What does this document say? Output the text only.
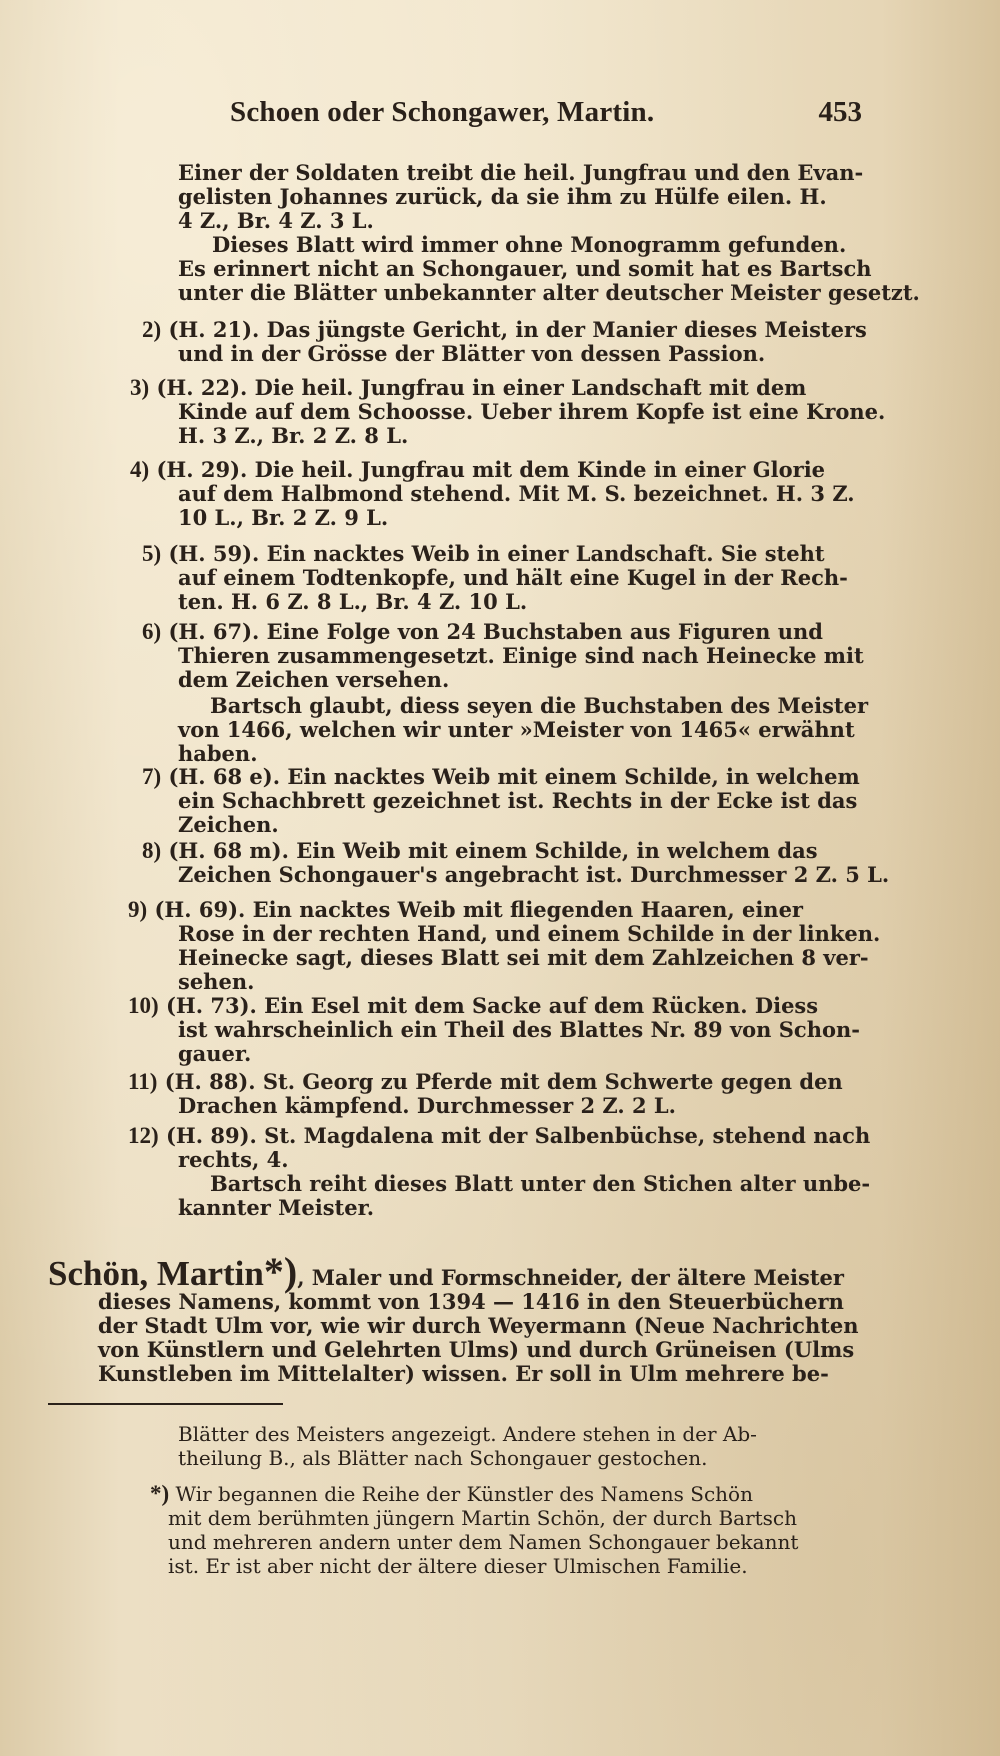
Schoen oder Schongawer, Martin.	453
Einer der Soldaten treibt die heil. Jungfrau und den Evan-
gelisten Johannes zurück, da sie ihm zu Hülfe eilen. H.
4 Z., Br. 4 Z. 3 L.
Dieses Blatt wird immer ohne Monogramm gefunden.
Es erinnert nicht an Schongauer, und somit hat es Bartsch
unter die Blätter unbekannter alter deutscher Meister gesetzt.
2) (H. 21). Das jüngste Gericht, in der Manier dieses Meisters
und in der Grösse der Blätter von dessen Passion.
3) (H. 22). Die heil. Jungfrau in einer Landschaft mit dem
Kinde auf dem Schoosse. Ueber ihrem Kopfe ist eine Krone.
H. 3 Z., Br. 2 Z. 8 L.
4) (H. 29). Die heil. Jungfrau mit dem Kinde in einer Glorie
auf dem Halbmond stehend. Mit M. S. bezeichnet. H. 3 Z.
10 L., Br. 2 Z. 9 L.
5) (H. 59). Ein nacktes Weib in einer Landschaft. Sie steht
auf einem Todtenkopfe, und hält eine Kugel in der Rech-
ten. H. 6 Z. 8 L., Br. 4 Z. 10 L.
6) (H. 67). Eine Folge von 24 Buchstaben aus Figuren und
Thieren zusammengesetzt. Einige sind nach Heinecke mit
dem Zeichen versehen.
Bartsch glaubt, diess seyen die Buchstaben des Meister
von 1466, welchen wir unter »Meister von 1465« erwähnt
haben.
7) (H. 68 e). Ein nacktes Weib mit einem Schilde, in welchem
ein Schachbrett gezeichnet ist. Rechts in der Ecke ist das
Zeichen.
8) (H. 68 m). Ein Weib mit einem Schilde, in welchem das
Zeichen Schongauer's angebracht ist. Durchmesser 2 Z. 5 L.
9) (H. 69). Ein nacktes Weib mit fliegenden Haaren, einer
Rose in der rechten Hand, und einem Schilde in der linken.
Heinecke sagt, dieses Blatt sei mit dem Zahlzeichen 8 ver-
sehen.
10) (H. 73). Ein Esel mit dem Sacke auf dem Rücken. Diess
ist wahrscheinlich ein Theil des Blattes Nr. 89 von Schon-
gauer.
11) (H. 88). St. Georg zu Pferde mit dem Schwerte gegen den
Drachen kämpfend. Durchmesser 2 Z. 2 L.
12) (H. 89). St. Magdalena mit der Salbenbüchse, stehend nach
rechts, 4.
Bartsch reiht dieses Blatt unter den Stichen alter unbe-
kannter Meister.
Schön, Martin*), Maler und Formschneider, der ältere Meister
dieses Namens, kommt von 1394 — 1416 in den Steuerbüchern
der Stadt Ulm vor, wie wir durch Weyermann (Neue Nachrichten
von Künstlern und Gelehrten Ulms) und durch Grüneisen (Ulms
Kunstleben im Mittelalter) wissen. Er soll in Ulm mehrere be-
Blätter des Meisters angezeigt. Andere stehen in der Ab-
theilung B., als Blätter nach Schongauer gestochen.
*) Wir begannen die Reihe der Künstler des Namens Schön
mit dem berühmten jüngern Martin Schön, der durch Bartsch
und mehreren andern unter dem Namen Schongauer bekannt
ist. Er ist aber nicht der ältere dieser Ulmischen Familie.
